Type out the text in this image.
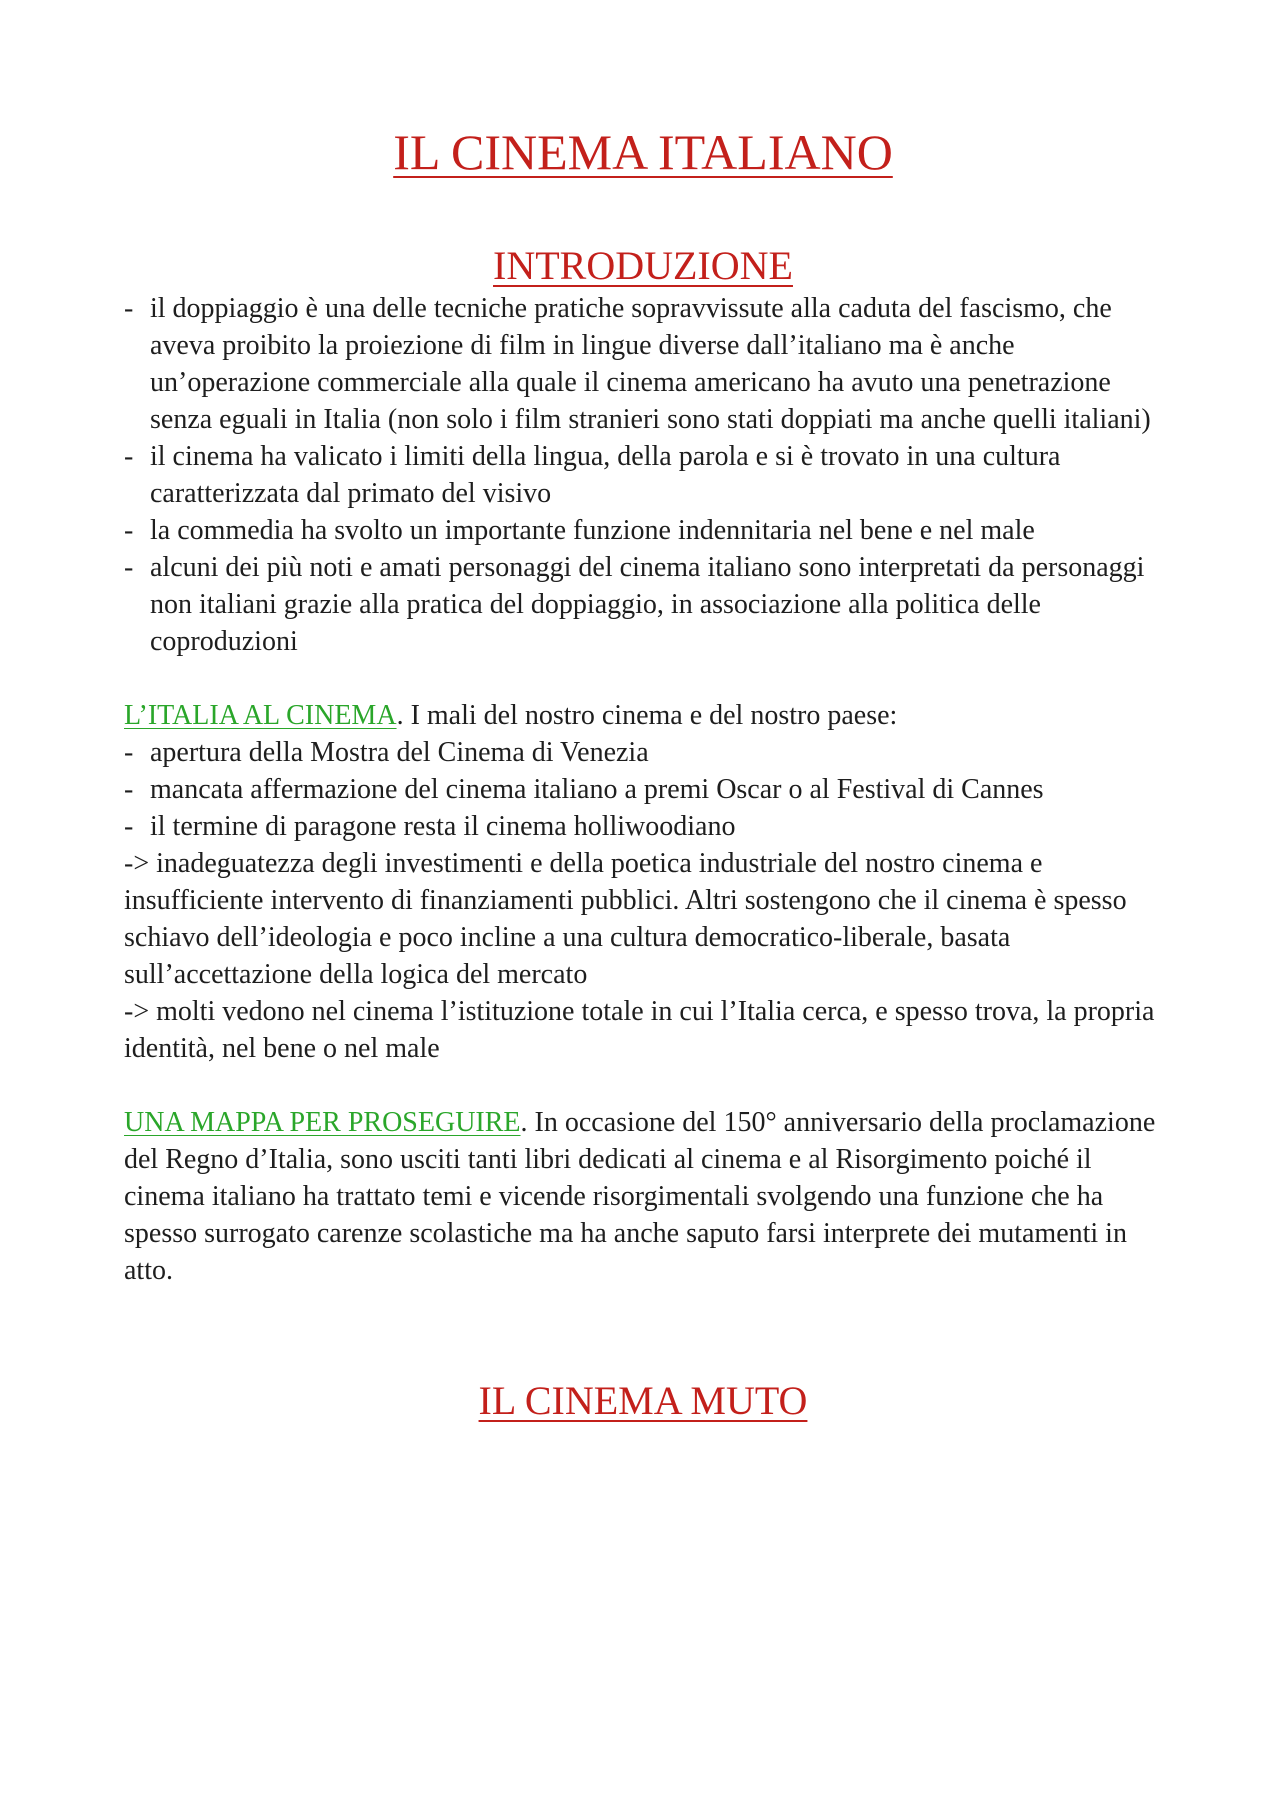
IL CINEMA ITALIANO
INTRODUZIONE
- il doppiaggio è una delle tecniche pratiche sopravvissute alla caduta del fascismo, che aveva proibito la proiezione di film in lingue diverse dall’italiano ma è anche un’operazione commerciale alla quale il cinema americano ha avuto una penetrazione senza eguali in Italia (non solo i film stranieri sono stati doppiati ma anche quelli italiani)
- il cinema ha valicato i limiti della lingua, della parola e si è trovato in una cultura caratterizzata dal primato del visivo
- la commedia ha svolto un importante funzione indennitaria nel bene e nel male
- alcuni dei più noti e amati personaggi del cinema italiano sono interpretati da personaggi non italiani grazie alla pratica del doppiaggio, in associazione alla politica delle coproduzioni

L’ITALIA AL CINEMA. I mali del nostro cinema e del nostro paese:

- apertura della Mostra del Cinema di Venezia
- mancata affermazione del cinema italiano a premi Oscar o al Festival di Cannes
- il termine di paragone resta il cinema holliwoodiano

-> inadeguatezza degli investimenti e della poetica industriale del nostro cinema e insufficiente intervento di finanziamenti pubblici. Altri sostengono che il cinema è spesso schiavo dell’ideologia e poco incline a una cultura democratico-liberale, basata sull’accettazione della logica del mercato

-> molti vedono nel cinema l’istituzione totale in cui l’Italia cerca, e spesso trova, la propria identità, nel bene o nel male

UNA MAPPA PER PROSEGUIRE. In occasione del 150° anniversario della proclamazione del Regno d’Italia, sono usciti tanti libri dedicati al cinema e al Risorgimento poiché il cinema italiano ha trattato temi e vicende risorgimentali svolgendo una funzione che ha spesso surrogato carenze scolastiche ma ha anche saputo farsi interprete dei mutamenti in atto.

IL CINEMA MUTO
